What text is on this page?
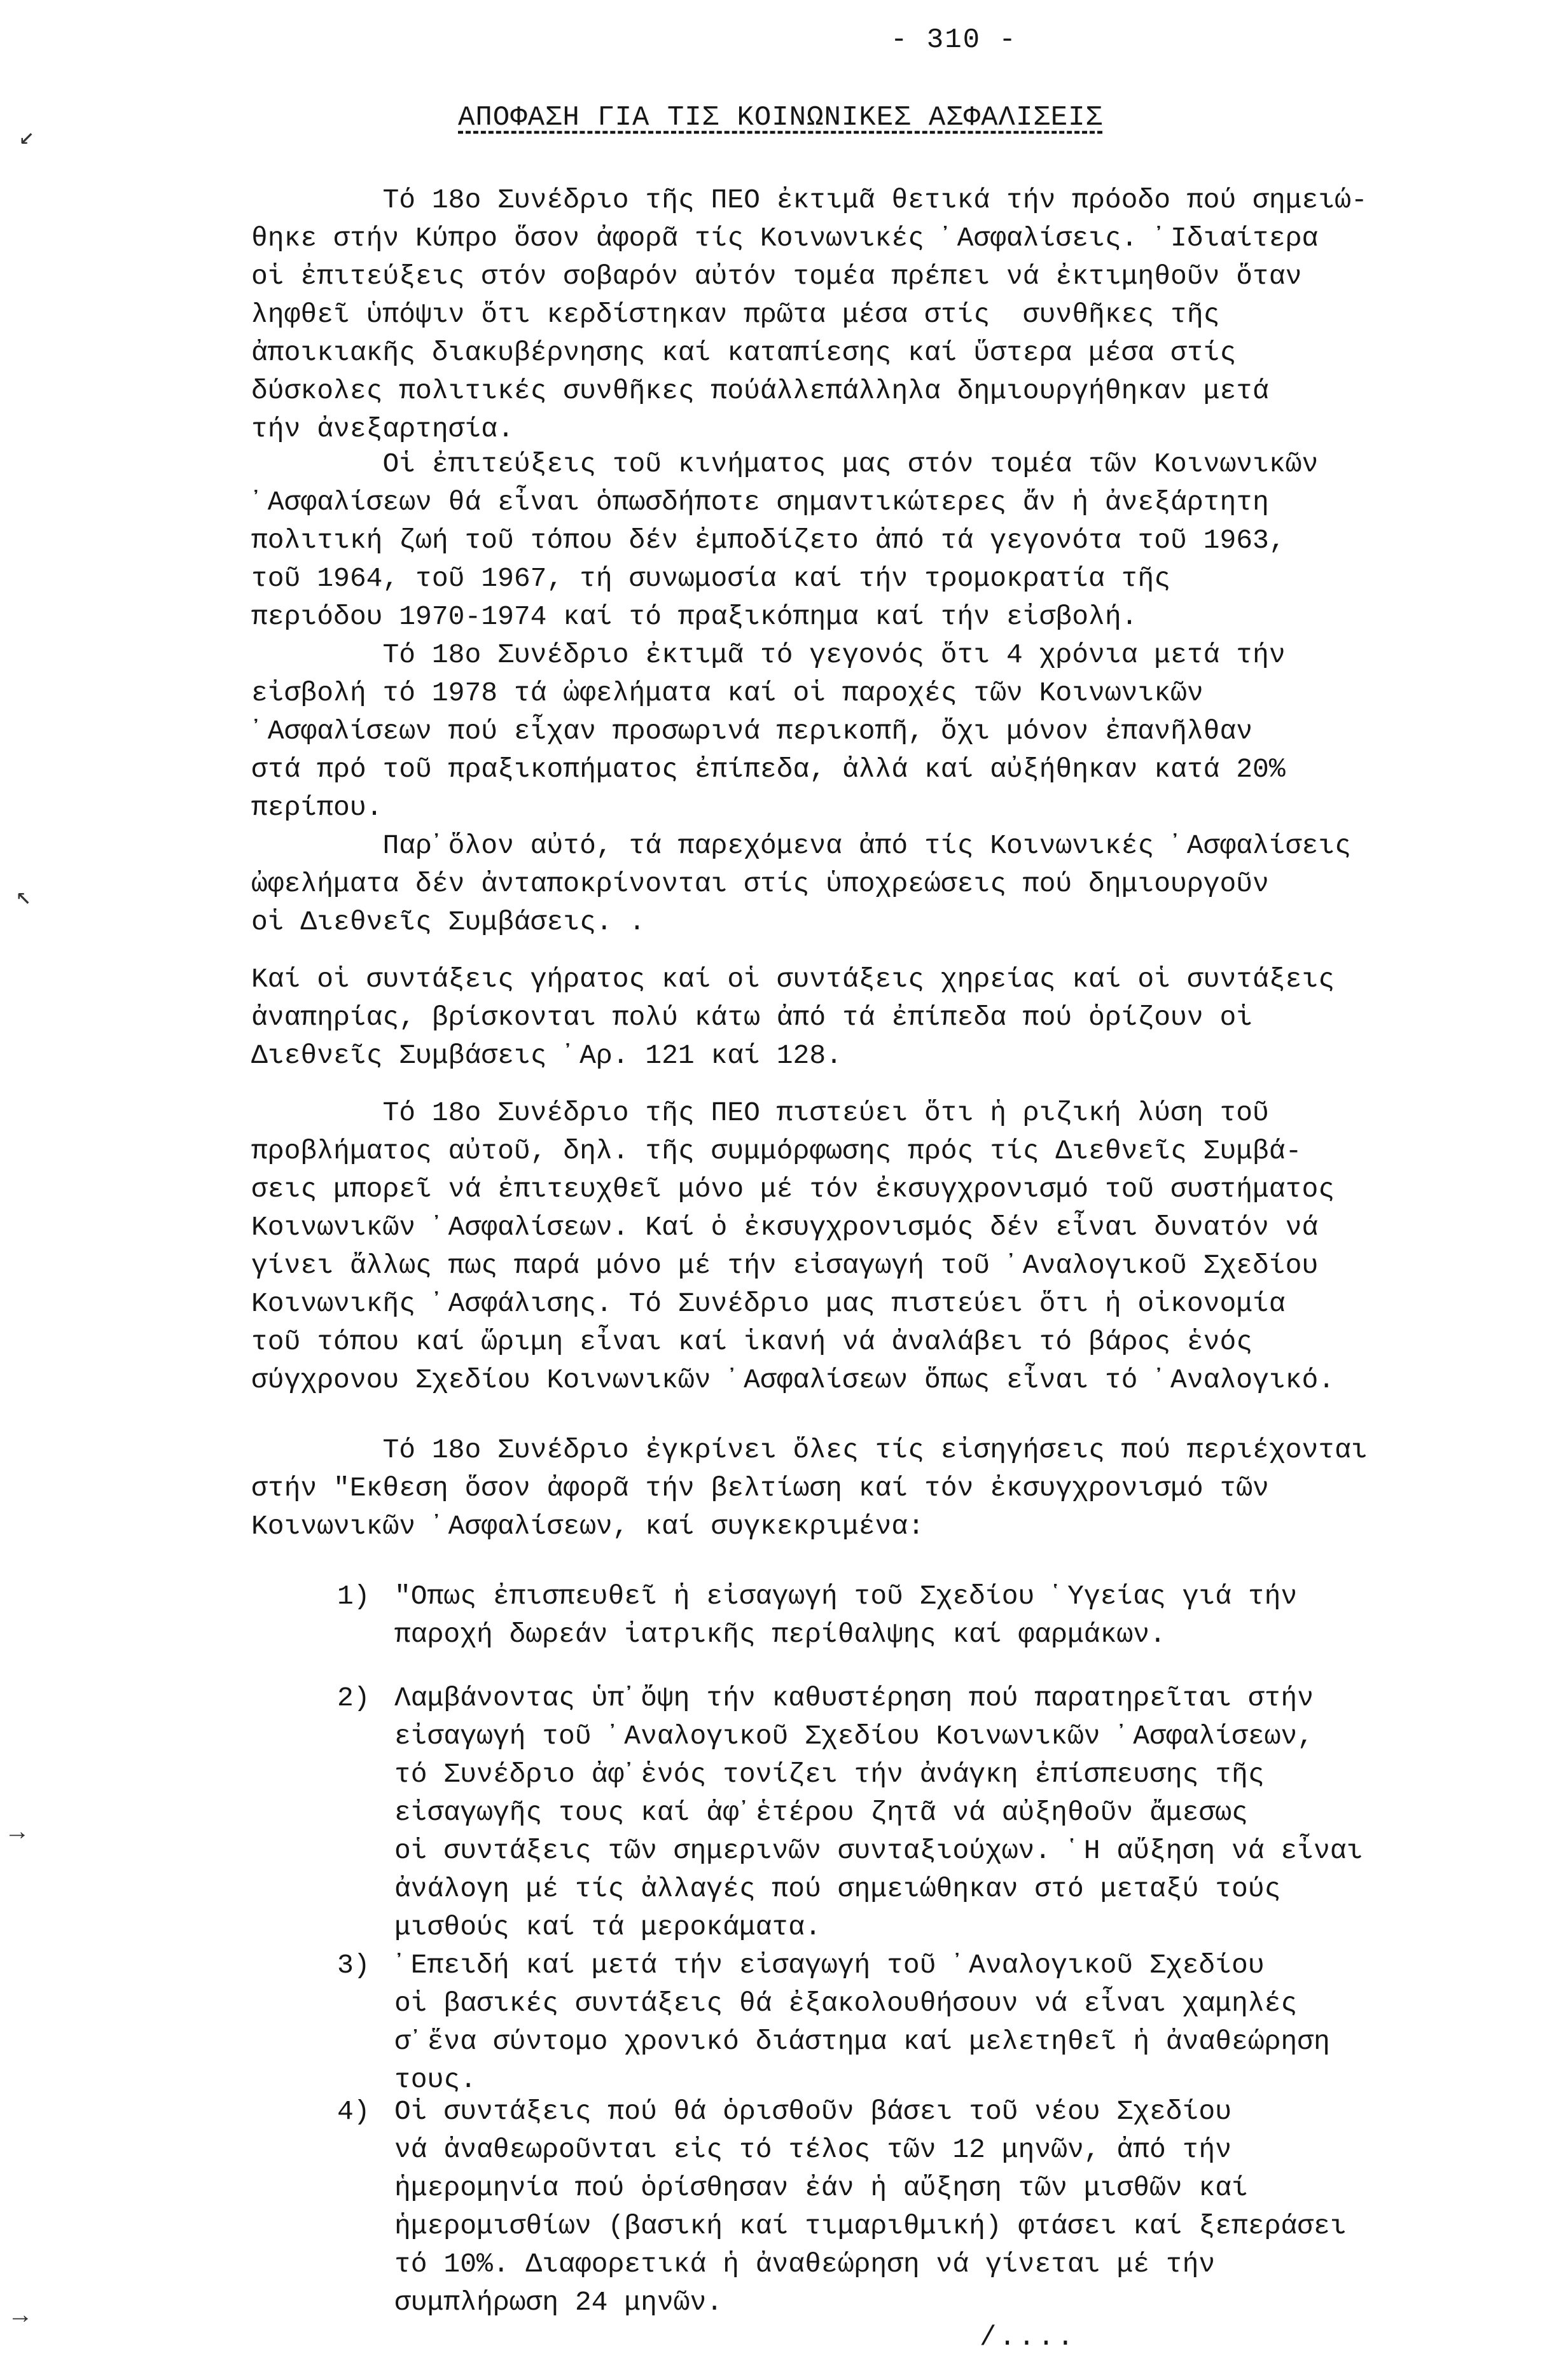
- 310 -
ΑΠΟΦΑΣΗ ΓΙΑ ΤΙΣ ΚΟΙΝΩΝΙΚΕΣ ΑΣΦΑΛΙΣΕΙΣ

Τό 18ο Συνέδριο τῆς ΠΕΟ ἐκτιμᾶ θετικά τήν πρόοδο πού σημειώ-
θηκε στήν Κύπρο ὅσον ἀφορᾶ τίς Κοινωνικές ᾿Ασφαλίσεις. ᾿Ιδιαίτερα
οἱ ἐπιτεύξεις στόν σοβαρόν αὐτόν τομέα πρέπει νά ἐκτιμηθοῦν ὅταν
ληφθεῖ ὑπόψιν ὅτι κερδίστηκαν πρῶτα μέσα στίς  συνθῆκες τῆς
ἀποικιακῆς διακυβέρνησης καί καταπίεσης καί ὕστερα μέσα στίς
δύσκολες πολιτικές συνθῆκες πούάλλεπάλληλα δημιουργήθηκαν μετά
τήν ἀνεξαρτησία.

Οἱ ἐπιτεύξεις τοῦ κινήματος μας στόν τομέα τῶν Κοινωνικῶν
᾿Ασφαλίσεων θά εἶναι ὁπωσδήποτε σημαντικώτερες ἄν ἡ ἀνεξάρτητη
πολιτική ζωή τοῦ τόπου δέν ἐμποδίζετο ἀπό τά γεγονότα τοῦ 1963,
τοῦ 1964, τοῦ 1967, τή συνωμοσία καί τήν τρομοκρατία τῆς
περιόδου 1970-1974 καί τό πραξικόπημα καί τήν εἰσβολή.

Τό 18ο Συνέδριο ἐκτιμᾶ τό γεγονός ὅτι 4 χρόνια μετά τήν
εἰσβολή τό 1978 τά ὠφελήματα καί οἱ παροχές τῶν Κοινωνικῶν
᾿Ασφαλίσεων πού εἶχαν προσωρινά περικοπῆ, ὄχι μόνον ἐπανῆλθαν
στά πρό τοῦ πραξικοπήματος ἐπίπεδα, ἀλλά καί αὐξήθηκαν κατά 20%
περίπου.

Παρ᾿ὅλον αὐτό, τά παρεχόμενα ἀπό τίς Κοινωνικές ᾿Ασφαλίσεις
ὠφελήματα δέν ἀνταποκρίνονται στίς ὑποχρεώσεις πού δημιουργοῦν
οἱ Διεθνεῖς Συμβάσεις. .

Καί οἱ συντάξεις γήρατος καί οἱ συντάξεις χηρείας καί οἱ συντάξεις
ἀναπηρίας, βρίσκονται πολύ κάτω ἀπό τά ἐπίπεδα πού ὁρίζουν οἱ
Διεθνεῖς Συμβάσεις ᾿Αρ. 121 καί 128.

Τό 18ο Συνέδριο τῆς ΠΕΟ πιστεύει ὅτι ἡ ριζική λύση τοῦ
προβλήματος αὐτοῦ, δηλ. τῆς συμμόρφωσης πρός τίς Διεθνεῖς Συμβά-
σεις μπορεῖ νά ἐπιτευχθεῖ μόνο μέ τόν ἐκσυγχρονισμό τοῦ συστήματος
Κοινωνικῶν ᾿Ασφαλίσεων. Καί ὁ ἐκσυγχρονισμός δέν εἶναι δυνατόν νά
γίνει ἄλλως πως παρά μόνο μέ τήν εἰσαγωγή τοῦ ᾿Αναλογικοῦ Σχεδίου
Κοινωνικῆς ᾿Ασφάλισης. Τό Συνέδριο μας πιστεύει ὅτι ἡ οἰκονομία
τοῦ τόπου καί ὥριμη εἶναι καί ἱκανή νά ἀναλάβει τό βάρος ἑνός
σύγχρονου Σχεδίου Κοινωνικῶν ᾿Ασφαλίσεων ὅπως εἶναι τό ᾿Αναλογικό.

Τό 18ο Συνέδριο ἐγκρίνει ὅλες τίς εἰσηγήσεις πού περιέχονται
στήν "Εκθεση ὅσον ἀφορᾶ τήν βελτίωση καί τόν ἐκσυγχρονισμό τῶν
Κοινωνικῶν ᾿Ασφαλίσεων, καί συγκεκριμένα:

1) "Οπως ἐπισπευθεῖ ἡ εἰσαγωγή τοῦ Σχεδίου ῾Υγείας γιά τήν
παροχή δωρεάν ἰατρικῆς περίθαλψης καί φαρμάκων.
2) Λαμβάνοντας ὑπ᾿ὄψη τήν καθυστέρηση πού παρατηρεῖται στήν
εἰσαγωγή τοῦ ᾿Αναλογικοῦ Σχεδίου Κοινωνικῶν ᾿Ασφαλίσεων,
τό Συνέδριο ἀφ᾿ἑνός τονίζει τήν ἀνάγκη ἐπίσπευσης τῆς
εἰσαγωγῆς τους καί ἀφ᾿ἑτέρου ζητᾶ νά αὐξηθοῦν ἄμεσως
οἱ συντάξεις τῶν σημερινῶν συνταξιούχων. ῾Η αὔξηση νά εἶναι
ἀνάλογη μέ τίς ἀλλαγές πού σημειώθηκαν στό μεταξύ τούς
μισθούς καί τά μεροκάματα.
3) ᾿Επειδή καί μετά τήν εἰσαγωγή τοῦ ᾿Αναλογικοῦ Σχεδίου
οἱ βασικές συντάξεις θά ἐξακολουθήσουν νά εἶναι χαμηλές
σ᾿ἕνα σύντομο χρονικό διάστημα καί μελετηθεῖ ἡ ἀναθεώρηση
τους.
4) Οἱ συντάξεις πού θά ὁρισθοῦν βάσει τοῦ νέου Σχεδίου
νά ἀναθεωροῦνται εἰς τό τέλος τῶν 12 μηνῶν, ἀπό τήν
ἡμερομηνία πού ὁρίσθησαν ἐάν ἡ αὔξηση τῶν μισθῶν καί
ἡμερομισθίων (βασική καί τιμαριθμική) φτάσει καί ξεπεράσει
τό 10%. Διαφορετικά ἡ ἀναθεώρηση νά γίνεται μέ τήν
συμπλήρωση 24 μηνῶν.
/....
↙
↖
→
→
